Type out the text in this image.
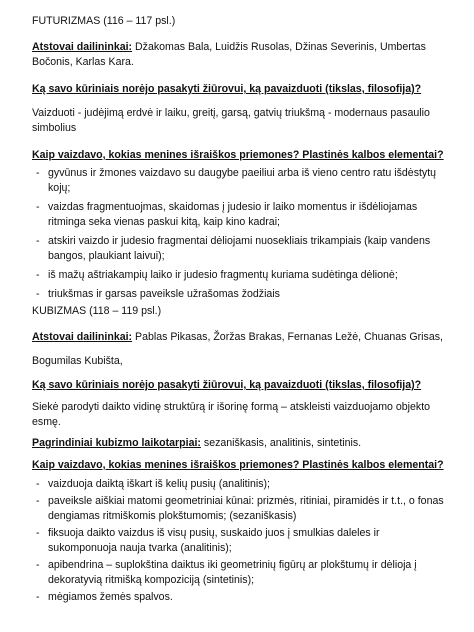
FUTURIZMAS (116 – 117 psl.)
Atstovai dailininkai: Džakomas Bala, Luidžis Rusolas, Džinas Severinis, Umbertas Bočonis, Karlas Kara.
Ką savo kūriniais norėjo pasakyti žiūrovui, ką pavaizduoti (tikslas, filosofija)?
Vaizduoti - judėjimą erdvė ir laiku, greitį, garsą, gatvių triukšmą - modernaus pasaulio simbolius
Kaip vaizdavo, kokias menines išraiškos priemones? Plastinės kalbos elementai?
- gyvūnus ir žmones vaizdavo su daugybe paeiliui arba iš vieno centro ratu išdėstytų kojų;
- vaizdas fragmentuojmas, skaidomas į judesio ir laiko momentus ir išdėliojamas ritminga seka vienas paskui kitą, kaip kino kadrai;
- atskiri vaizdo ir judesio fragmentai dėliojami nuosekliais trikampiais (kaip vandens bangos, plaukiant laivui);
- iš mažų aštriakampių laiko ir judesio fragmentų kuriama sudėtinga dėlionė;
- triukšmas ir garsas paveiksle užrašomas žodžiais
KUBIZMAS (118 – 119 psl.)
Atstovai dailininkai: Pablas Pikasas, Žoržas Brakas, Fernanas Ležė, Chuanas Grisas,
Bogumilas Kubišta,
Ką savo kūriniais norėjo pasakyti žiūrovui, ką pavaizduoti (tikslas, filosofija)?
Siekė parodyti daikto vidinę struktūrą ir išorinę formą – atskleisti vaizduojamo objekto esmę.
Pagrindiniai kubizmo laikotarpiai: sezaniškasis, analitinis, sintetinis.
Kaip vaizdavo, kokias menines išraiškos priemones? Plastinės kalbos elementai?
- vaizduoja daiktą iškart iš kelių pusių (analitinis);
- paveiksle aiškiai matomi geometriniai kūnai: prizmės, ritiniai, piramidės ir t.t., o fonas dengiamas ritmiškomis plokštumomis; (sezaniškasis)
- fiksuoja daikto vaizdus iš visų pusių, suskaido juos į smulkias daleles ir sukomponuoja nauja tvarka (analitinis);
- apibendrina – suplokština daiktus iki geometrinių figūrų ar plokštumų ir dėlioja į dekoratyvią ritmišką kompoziciją (sintetinis);
- mėgiamos žemės spalvos.
